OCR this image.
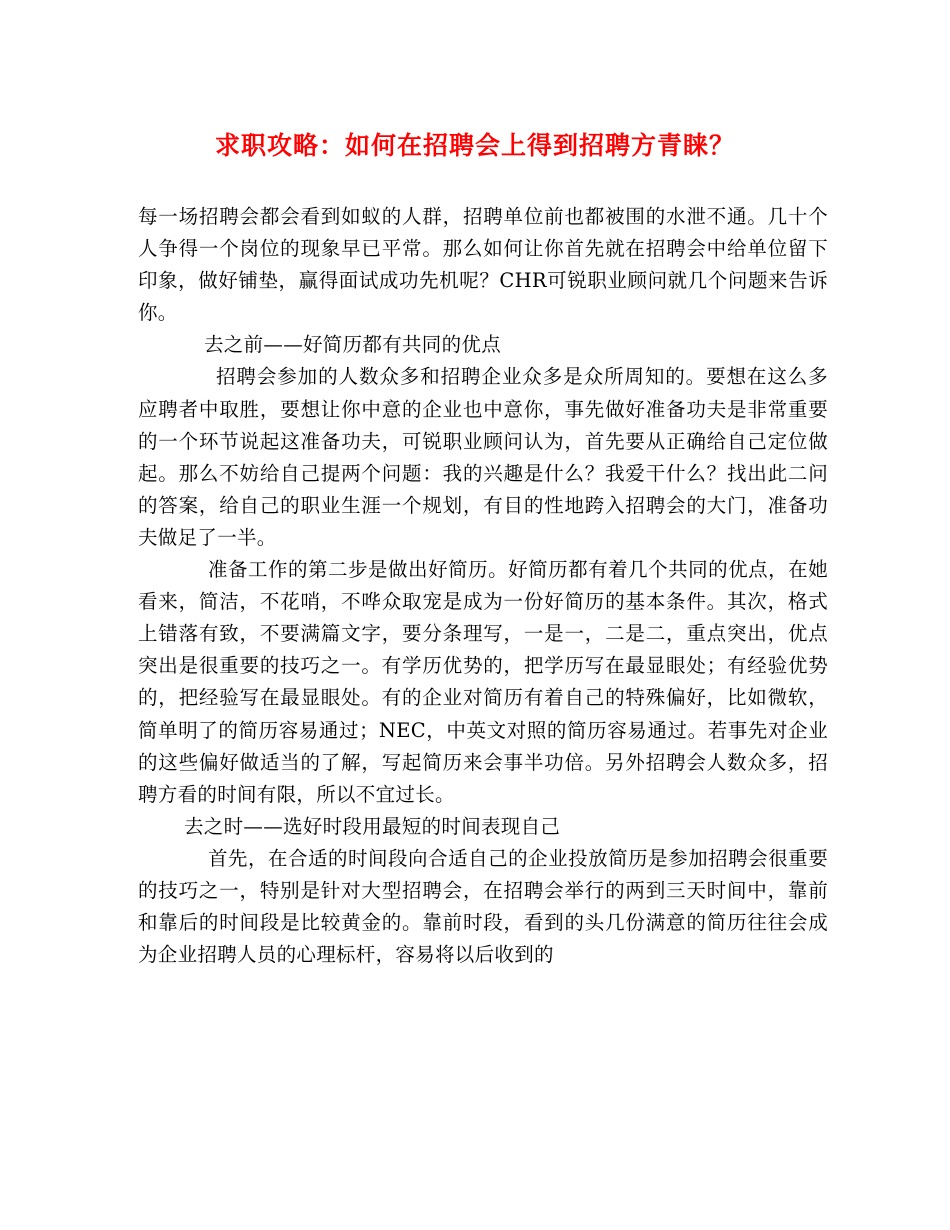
求职攻略：如何在招聘会上得到招聘方青睐？

每一场招聘会都会看到如蚁的人群，招聘单位前也都被围的水泄不通。几十个人争得一个岗位的现象早已平常。那么如何让你首先就在招聘会中给单位留下印象，做好铺垫，赢得面试成功先机呢？CHR可锐职业顾问就几个问题来告诉你。

去之前——好简历都有共同的优点

招聘会参加的人数众多和招聘企业众多是众所周知的。要想在这么多应聘者中取胜，要想让你中意的企业也中意你，事先做好准备功夫是非常重要的一个环节说起这准备功夫，可锐职业顾问认为，首先要从正确给自己定位做起。那么不妨给自己提两个问题：我的兴趣是什么？我爱干什么？找出此二问的答案，给自己的职业生涯一个规划，有目的性地跨入招聘会的大门，准备功夫做足了一半。

准备工作的第二步是做出好简历。好简历都有着几个共同的优点，在她看来，简洁，不花哨，不哗众取宠是成为一份好简历的基本条件。其次，格式上错落有致，不要满篇文字，要分条理写，一是一，二是二，重点突出，优点突出是很重要的技巧之一。有学历优势的，把学历写在最显眼处；有经验优势的，把经验写在最显眼处。有的企业对简历有着自己的特殊偏好，比如微软，简单明了的简历容易通过；NEC，中英文对照的简历容易通过。若事先对企业的这些偏好做适当的了解，写起简历来会事半功倍。另外招聘会人数众多，招聘方看的时间有限，所以不宜过长。

去之时——选好时段用最短的时间表现自己

首先，在合适的时间段向合适自己的企业投放简历是参加招聘会很重要的技巧之一，特别是针对大型招聘会，在招聘会举行的两到三天时间中，靠前和靠后的时间段是比较黄金的。靠前时段，看到的头几份满意的简历往往会成为企业招聘人员的心理标杆，容易将以后收到的
